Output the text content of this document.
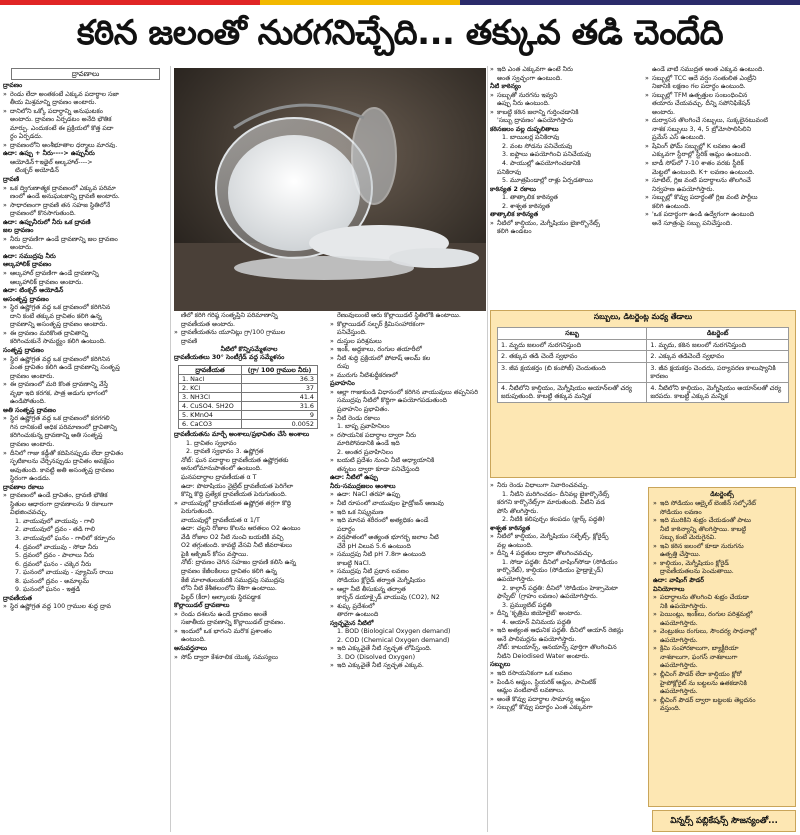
కఠిన జలంతో నురగనిచ్చేది... తక్కువ తడి చెందేది
ద్రావణాలు

ద్రావణం

» రెండు లేదా అంతకంటే ఎక్కువ పదార్థాల సజా

తీయ మిశ్రమాన్ని ద్రావణం అంటారు.

» దానిలోని ఒక్కో పదార్థాన్ని అనుఘటకం

అంటారు. ద్రావణం ఏర్పడటం అనేది భౌతిక

మార్పు. ఎందుకంటే ఈ ప్రక్రియలో కొత్త పదా

ర్థం ఏర్పడదు.

» ద్రావణంలోని అంశీభూతాల ధర్మాలు మారవు.

ఉదా: ఉప్పు + నీరు----> ఉప్పునీరు

ఆయోడిన్+ఇథైల్ ఆల్కహాల్---->

టింక్చర్ అయోడిన్

ద్రావణి

» ఒక ద్విగుణాత్మక ద్రావణంలో ఎక్కువ పరిమా

ణంలో ఉండే అనుఘటకాన్ని ద్రావణి అంటారు.

» సాధారణంగా ద్రావణి తన సహజ స్థితిలోనే

ద్రావణంలో కొనసాగుతుంది.

ఉదా: ఉప్పునీరులో నీరు ఒక ద్రావణి

జల ద్రావణం

» నీరు ద్రావణిగా ఉండే ద్రావణాన్ని జల ద్రావణం

అంటారు.

ఉదా: సముద్రపు నీరు

ఆల్కహాలిక్ ద్రావణం

» ఆల్కహాల్ ద్రావణిగా ఉండే ద్రావణాన్ని

ఆల్కహాలిక్ ద్రావణం అంటారు.

ఉదా: టింక్చర్ అయోడిన్

అసంతృప్త ద్రావణం

» స్థిర ఉష్ణోగ్రత వద్ద ఒక ద్రావణంలో కరిగినిన

దాని కంటే తక్కువ ద్రావితం కలిగి ఉన్న

ద్రావణాన్ని అసంతృప్త ద్రావణం అంటారు.

» ఈ ద్రావణం మరికొంత ద్రావితాన్ని

కరిగించుకునే సామర్థ్యం కలిగి ఉంటుంది.

సంతృప్త ద్రావణం

» స్థిర ఉష్ణోగ్రత వద్ద ఒక ద్రావణంలో కరిగినిన

పెంత ద్రావితం కలిగి ఉండే ద్రావణాన్ని సంతృప్త

ద్రావణం అంటారు.

» ఈ ద్రావణంలో మరి కొంత ద్రావణాన్ని వేస్తే

వృథా ఇది కరగక, పాత్ర అడుగు భాగంలో

ఉండిపోతుంది.

అతి సంతృప్త ద్రావణం

» స్థిర ఉష్ణోగ్రత వద్ద ఒక ద్రావణంలో కరగగలి

గిన దానికంటే అధిక పరిమాణంలో ద్రావితాన్ని

కరిగించుకున్న ద్రావణాన్ని అతి సంతృప్త

ద్రావణం అంటారు.

» దీనిలో గాజు కడ్డీతో కదిపినప్పుడు లేదా ద్రావితం

స్ఫటికాలను చేర్చినప్పుడు ద్రావితం అవక్షేపం

అవుతుంది. కావట్టి అతి అసంతృప్త ద్రావణం

స్థిరంగా ఉండదు.

ద్రావణాల రకాలు

» ద్రావణంలో ఉండే ద్రావితం, ద్రావణి భౌతిక

స్థితుల ఆధారంగా ద్రావణాలను 9 రకాలుగా

విభజించవచ్చు.

1. వాయువులో వాయువు - గాలి

2. వాయువులో ద్రవం - తడి గాలి

3. వాయువులో ఘనం - గాలిలో కర్పూరం

4. ద్రవంలో వాయువు - సోడా నీరు

5. ద్రవంలో ద్రవం - పాలాలు నీరు

6. ద్రవంలో ఘనం - చక్కెర నీరు

7. ఘనంలో వాయువు - ప్యూమిస్ రాయి

8. ఘనంలో ద్రవం - అమాల్గమ్

9. ఘనంలో ఘనం - ఇత్తడి

ద్రావణీయత

» స్థిర ఉష్ణోగ్రత వద్ద 100 గ్రాముల శుద్ధ ద్రావ

ణిలో కరిగి గరిష్ఠ సంతృప్తిని పరిమాణాన్ని

ద్రావణీయత అంటారు.

» ద్రావణీయతను యూనిట్లు గ్రా/100 గ్రాముల

ద్రావణి

నీటిలో కొన్నిసమ్మేళనాల
ద్రావణీయతలు 30° సెంటీగ్రేడ్ వద్ద సమ్మేళనం
ద్రావణీయత	(గ్రా/ 100 గ్రాముల నీరు)
1. Nacl	36.3
2. KCl	37
3. NH3Cl	41.4
4. CuSO4. 5H2O	31.6
5. KMnO4	9
6. CaCO3	0.0052

ద్రావణీయతను మార్చే అంశాలు/ప్రభావితం చేసే అంశాలు

1. ద్రావితం స్వభావం

2. ద్రావణి స్వభావం 3. ఉష్ణోగ్రత

నోట్: ఘన పదార్థాల ద్రావణీయత ఉష్ణోగ్రతకు

అనులోమానుపాతంలో ఉంటుంది.

ఘనపదార్థాల ద్రావణీయత α T

ఉదా: పొటాషియం నైట్రేట్ ద్రావణీయత పెరిగేలా

కొన్ని కొద్ది ప్రత్యేక ద్రావణీయత పెరుగుతుంది.

» వాయువుల్లో ద్రావణీయత ఉష్ణోగ్రత తగ్గగా కొద్ది

పెరుగుతుంది.

వాయువుల్లో ద్రావణీయత α 1/T

ఉదా: చల్లని రోజుల కొలను ఆరతలం O2 ఉంటుం

వేడి రోజుల O2 నీటి నుంచి బయటికి వచ్చి

O2 తగ్గుతుంది. కావట్టి వేసవి నీటి జీవరాశులు

పైకి ఆక్సిజన్ కోసం వస్తాయి.

నోట్: ద్రావణం చెగిన సహజం ద్రావణి కలిసి ఉన్న

ద్రావణం కేజీలకిలలు ద్రావితం కలిగి ఉన్న

కేజీ మాలాతులుకురికి సముద్రపు సముద్రపు

లోని నీటి కేశీతలంలోని కేశిగా ఉంటాయి.

ఫిల్టర్ (కీరా) ఆల్కాలకు స్థిరపడ్డాక

కొల్లాయిడల్ ద్రావణాలు

» రెండు దశలను ఉండే ద్రావణం అంతే

సజాతీయ ద్రావణాన్ని కొల్లాయిడల్ ద్రావణం.

» ఇందులో ఒక భాగంని మరొక ప్రశాంతం

ఉంటుంది.

అనువర్తనాలు

» సోప్ ద్వారా కేశనాలిక యొక్క సమస్యలు

రేణువులుంటే ఆరు కొల్లాయిడల్ స్థితిలోకి ఉంటాయి.

» కొల్లాయిడల్ సల్ఫర్ క్రిమిసంహారకంగా

పనిచేస్తుంది.

» దుస్తుల పరిశ్రమలు

» ఇంక్, అద్దకాలు, రంగుల తయారీలో

» నీటి శుద్ధి ప్రక్రియలో పోటాష్ ఆలమ్ కల

రుపు

» మురుగు నీటిశుద్ధీకరణలో

ప్రవాహనిం

» ఆల్లా గాజుకుండి విధానంలో కరిగిన వాయువులు తప్పనిసరి

సముద్రపు నీటిలో కొద్దిగా ఉపయోగపడుతుంది

ప్రవాహనిం ప్రభావితం.

» నీటి రెండు రకాలు

1. బాష్ప ప్రవాహినిలం

» రసాయనిక పదార్థాల ద్వారా నీరు

మారిపోవడానికి ఉండే ఇది

2. అంతర ప్రవాహినిలం

» బయటి ప్రదేశం నుంచి నీటి అధ్యాయానికి

తన్నటం ద్వారా కూడా పనిచేస్తుంది

ఉదా: నీటిలో ఉప్పు

నీరు-సముద్రజలం అంశాలు

» ఉదా: NaCl తరహా ఉప్పు

» నీటి రూపంలో వాయువుల హైడ్రోజన్ అణువు

» ఇది ఒక నిష్క్రమణ

» ఇది మానవ శరీరంలో అత్యధికం ఉండే

పదార్థం

» వర్షపాతంలో అత్యంత భూగర్భ జలాల నీటి

చేరే pH విలువ 5.6 ఉంటుంది

» సముద్రపు నీటి pH 7.8గా ఉంటుంది

కాబట్టి NaCl.

» సముద్రపు నీటి ప్రధాన లవణం

సోడియం క్లోరైడ్ తర్వాత మెగ్నీషియం

» ఆల్లా నీటి తీసుకున్న తర్వాత

కార్బన్ డయాక్సైడ్ వాయువు (CO2), N2

» శుష్క ప్రదేశంలో

తారగా ఉంటుంది

స్వచ్ఛమైన నీటిలో

1. BOD (Biological Oxygen demand)

2. COD (Chemical Oxygen demand)

» ఇది ఎక్కువైతే నీటి స్వచ్ఛత లోపిస్తుంది.

3. DO (Disolved Oxygen)

» ఇది ఎక్కువైతే నీటి స్వచ్ఛత ఎక్కువ.

» ఇది ఎంత ఎక్కువగా ఉంటే నీరు

అంత స్వచ్ఛంగా ఉంటుంది.

నీటి కాఠిన్యం

» సబ్బుతో నురగను ఇవ్వని

ఉప్పు నీరు ఉంటుంది.

» కాబట్టి కఠిన జలాన్ని గుర్తించడానికి

'సబ్బు ద్రావణం' ఉపయోగిస్తారు

కఠినజలం వల్ల దుష్ఫలితాలు

1. బాయిలర్ల పనికిరావు

2. వంట సోడను పనిచేయవు

3. ఐఫ్లాలు ఉపయోగించి పనిచేయవు

4. పాయుల్లో ఉపయోగించడానికి

పనికిరావు

5. మూత్రపిండాల్లో రాళ్లు ఏర్పడతాయి

కాఠిన్యత 2 రకాలు

1. తాత్కాలిక కాఠిన్యత

2. శాశ్వత కాఠిన్యత

తాత్కాలిక కాఠిన్యత

» నీటిలో కాల్షియం, మెగ్నీషియం బైకార్బొనేట్స్

కలిగి ఉండటం

ఉండే వాటి సముద్రత అంత ఎక్కువ ఉంటుంది.

» సబ్బుల్లో TCC ఆదే వర్షం సంతులిత ఎంట్రీని

నిజానికి లక్షణం గల పదార్థం ఉంటుంది.

» సబ్బుల్లో TFM ఉత్పత్తుల సంబంధించిన

తయారు చేయవచ్చు. దీన్ని సపోనిఫికేషన్

అంటారు.

» దుర్వాసన తొలగించే సబ్బులు, సుక్కలైనటువంటి

నాశక సబ్బులు 3, 4, 5 బ్రోమోసాలిసిలిని

ప్రమేస్ ఎస్ ఉంటుంది.

» షేవింగ్ ఫోమ్ సబ్బుల్లో K లవణం ఉంటే

ఎక్కువగా స్టీరాల్లో స్టీరిక్ ఆమ్లం ఉంటుంది.

» బాడీ సోప్‌లో 7-10 శాతం వరకు స్టీరిక్

మెట్టలో ఉంటుంది. K+ లవణం ఉంటుంది.

» సూటిల్, గ్లిజ వంటి పదార్థాలను తొలగించే

నిర్వహణ ఉపయోగిస్తారు.

» సబ్బుల్లో కొవ్వు పదార్థంతో గ్లిజ వంటి పార్టీలు

కలిగి ఉంటుంది.

» 'ఒక పదార్థంగా ఉండి ఉద్వేగంగా ఉంటుంది

అనే సూత్రంపై సబ్బు పనిచేస్తుంది.

సబ్బులు, డిటర్జెంట్ల మధ్య తేడాలు
సబ్బు	డిటర్జెంట్
1. మృదు జలంలో నురగనిస్తుంది	1. మృదు, కఠిన జలంలో నురగనిస్తుంది
2. తక్కువ తడి చెందే స్వభావం	2. ఎక్కువ తడిచెందే స్వభావం
3. జీవ క్షయకర్తం (బి కంపోజ్) చెందుతుంది	3. జీవ క్షయకర్తం చెందదు, పర్యావరణ కాలుష్యానికి కారణం
4. నీటిలోని కాల్షియం, మెగ్నీషియం అయాన్‌లతో చర్య జరుపుతుంది. కాబట్టి తక్కువ మన్నిక	4. నీటిలోని కాల్షియం, మెగ్నీషియం అయాన్‌లతో చర్య జరపదు. కాబట్టి ఎక్కువ మన్నిక

» నీరు రెండు విధాలుగా నివారించవచ్చు.

1. నీటిని మరిగించడం- దీనివల్ల బైకార్బొనేట్స్

కరగని కార్బొనేట్స్‌గా మారుతుంది. వీటిని వడ

పోసి తొలగిస్తారు.

2. నీటికి కలిపుర్చం కలపడం (క్లార్క్ పద్ధతి)

శాశ్వత కాఠిన్యత

» నీటిలో కాల్షియం, మెగ్నీషియం సల్ఫేట్స్, క్లోరైడ్స్

వల్ల ఉంటుంది.

» దీన్ని 4 పద్ధతుల ద్వారా తొలగించవచ్చు.

1. సోడా పద్ధతి: దీనిలో వాషింగ్‌సోడా (సోడియం

కార్బొనేట్), కాల్షియం (సోడియం హైడ్రాక్సైడ్)

ఉపయోగిస్తారు.

2. కాల్గాన్ పద్ధతి: దీనిలో 'సోడియం హెక్సామెటా

ఫాస్ఫేట్' (గ్రాహం లవణం) ఉపయోగిస్తారు.

3. ప్రమ్యుటిట్ పద్ధతి

» దీన్ని 'కృత్రిమ జియోలైట్' అంటారు.

4. అయాన్ వినిమయ పద్ధతి

» ఇది అత్యంత ఆధునిక పద్ధతి. దీనిలో అయాన్ రెజిన్లు

అనే పాలిమర్లను ఉపయోగిస్తారు.

నోట్: కాటయాన్స్, ఆనయాన్స్ పూర్తిగా తొలగించిన

నీటిని Deiodised Water అంటారు.

సబ్బులు

» ఇది రసాయనికంగా ఒక లవణం

» పిండిన ఆమ్లం, స్టియరిక్ ఆమ్లం, పామిటిక్

ఆమ్లం వంటివాటి లవణాలు.

» అంతే కొవ్వు పదార్థాల సామాన్య ఆమ్లం

» సబ్బుల్లో కొవ్వు పదార్థం ఎంత ఎక్కువగా

డిటర్జెంట్స్

» ఇది సోడియం ఆల్కైల్ బెంజీన్ సల్ఫోనేట్

సోడియం లవణం

» ఇది మురికిని శుభ్రం చేయడంతో పాటు

నీటి కాఠిన్యాన్ని తొలగిస్తాయి. కాబట్టి

సబ్బు కంటే మెరుగైనవి.

» ఇవి కఠిన జలంలో కూడా నురుగను

ఉత్పత్తి చేస్తాయి.

» కాల్షియం, మెగ్నీషియం క్లోరైడ్

ద్రావణీయతలను పెంచుతాయి.

ఉదా: వాషింగ్ పౌడర్

వినియోగాలు

» పదార్థాలను తొలగించి శుభ్రం చేయడా

నికి ఉపయోగిస్తారు.

» పెయింట్లు, ఇంక్‌లు, రంగుల పరిశ్రమల్లో

ఉపయోగిస్తారు.

» వెంట్రుకలు రంగులు, సౌందర్య సాధనాల్లో

ఉపయోగిస్తారు.

» క్రిమి సంహారకాలుగా, బ్యాక్టీరియా

నాశకాలుగా, ఫంగస్ నాశకాలుగా

ఉపయోగిస్తారు.

» బ్లీచింగ్ పౌడర్ లేదా కాల్షియం క్లోరో

హైపోక్లోరైట్ ను బట్టలను ఉతకడానికి

ఉపయోగిస్తారు.

» బ్లీచింగ్ పౌడర్ ద్వారా బట్టలకు తెల్లదనం

వస్తుంది.

విన్నర్స్ పబ్లికేషన్స్ సౌజన్యంతో...
